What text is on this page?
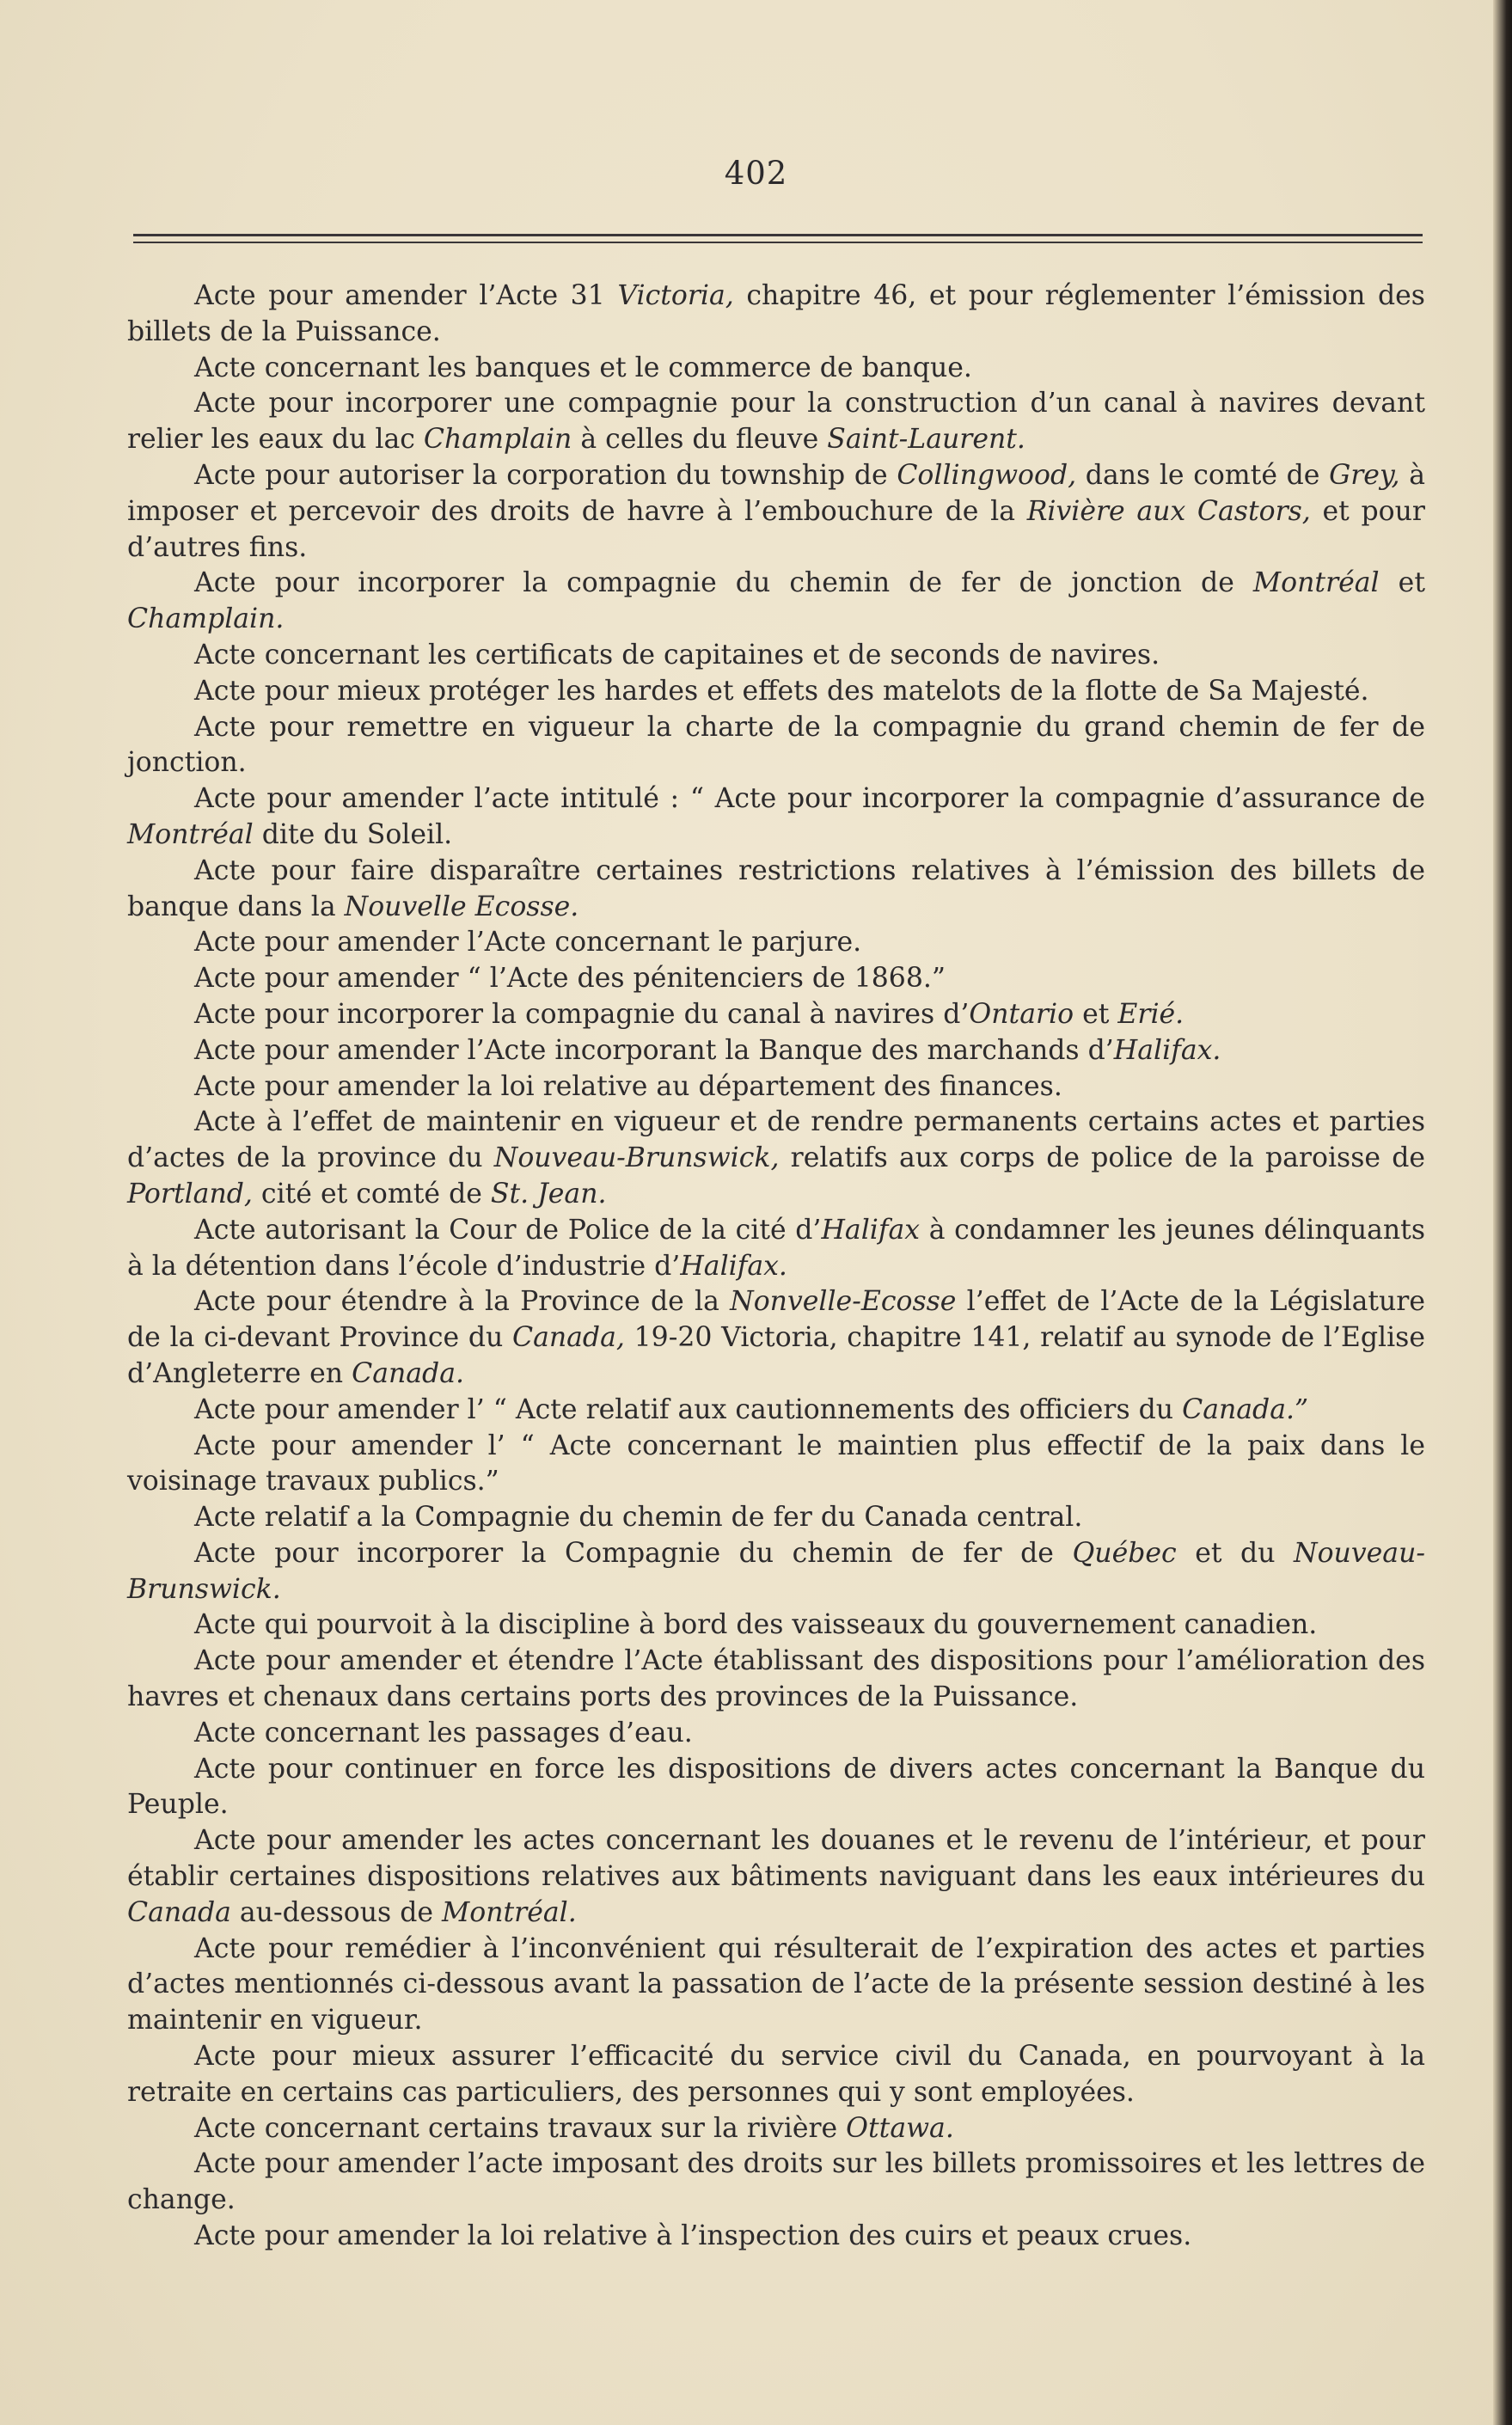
402

Acte pour amender l’Acte 31 Victoria, chapitre 46, et pour réglementer l’émission des billets de la Puissance.

Acte concernant les banques et le commerce de banque.

Acte pour incorporer une compagnie pour la construction d’un canal à navires devant relier les eaux du lac Champlain à celles du fleuve Saint-Laurent.

Acte pour autoriser la corporation du township de Collingwood, dans le comté de Grey, à imposer et percevoir des droits de havre à l’embouchure de la Rivière aux Castors, et pour d’autres fins.

Acte pour incorporer la compagnie du chemin de fer de jonction de Montréal et Champlain.

Acte concernant les certificats de capitaines et de seconds de navires.

Acte pour mieux protéger les hardes et effets des matelots de la flotte de Sa Majesté.

Acte pour remettre en vigueur la charte de la compagnie du grand chemin de fer de jonction.

Acte pour amender l’acte intitulé : “ Acte pour incorporer la compagnie d’assurance de Montréal dite du Soleil.

Acte pour faire disparaître certaines restrictions relatives à l’émission des billets de banque dans la Nouvelle Ecosse.

Acte pour amender l’Acte concernant le parjure.

Acte pour amender “ l’Acte des pénitenciers de 1868.”

Acte pour incorporer la compagnie du canal à navires d’Ontario et Erié.

Acte pour amender l’Acte incorporant la Banque des marchands d’Halifax.

Acte pour amender la loi relative au département des finances.

Acte à l’effet de maintenir en vigueur et de rendre permanents certains actes et parties d’actes de la province du Nouveau-Brunswick, relatifs aux corps de police de la paroisse de Portland, cité et comté de St. Jean.

Acte autorisant la Cour de Police de la cité d’Halifax à condamner les jeunes délinquants à la détention dans l’école d’industrie d’Halifax.

Acte pour étendre à la Province de la Nonvelle-Ecosse l’effet de l’Acte de la Législature de la ci-devant Province du Canada, 19-20 Victoria, chapitre 141, relatif au synode de l’Eglise d’Angleterre en Canada.

Acte pour amender l’ “ Acte relatif aux cautionnements des officiers du Canada.”

Acte pour amender l’ “ Acte concernant le maintien plus effectif de la paix dans le voisinage travaux publics.”

Acte relatif a la Compagnie du chemin de fer du Canada central.

Acte pour incorporer la Compagnie du chemin de fer de Québec et du Nouveau-Brunswick.

Acte qui pourvoit à la discipline à bord des vaisseaux du gouvernement canadien.

Acte pour amender et étendre l’Acte établissant des dispositions pour l’amélioration des havres et chenaux dans certains ports des provinces de la Puissance.

Acte concernant les passages d’eau.

Acte pour continuer en force les dispositions de divers actes concernant la Banque du Peuple.

Acte pour amender les actes concernant les douanes et le revenu de l’intérieur, et pour établir certaines dispositions relatives aux bâtiments naviguant dans les eaux intérieures du Canada au-dessous de Montréal.

Acte pour remédier à l’inconvénient qui résulterait de l’expiration des actes et parties d’actes mentionnés ci-dessous avant la passation de l’acte de la présente session destiné à les maintenir en vigueur.

Acte pour mieux assurer l’efficacité du service civil du Canada, en pourvoyant à la retraite en certains cas particuliers, des personnes qui y sont employées.

Acte concernant certains travaux sur la rivière Ottawa.

Acte pour amender l’acte imposant des droits sur les billets promissoires et les lettres de change.

Acte pour amender la loi relative à l’inspection des cuirs et peaux crues.
